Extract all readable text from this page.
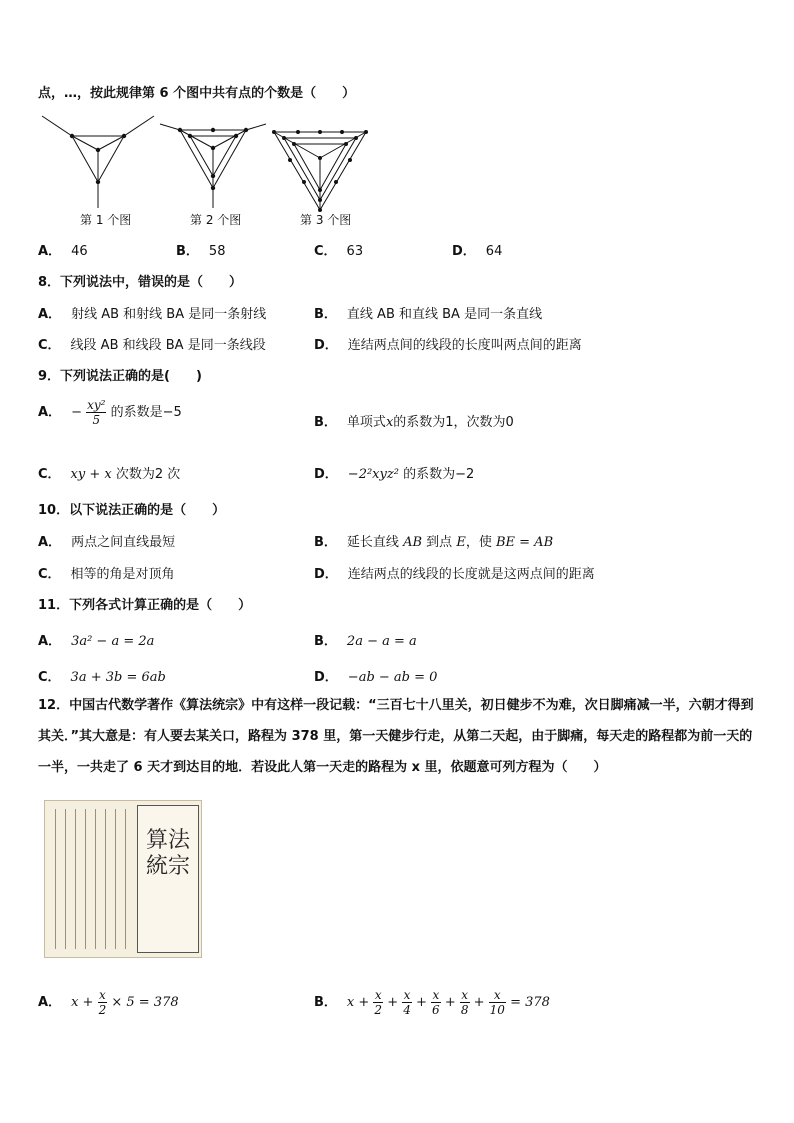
点，…，按此规律第 6 个图中共有点的个数是（　　）
第 1 个图	第 2 个图	第 3 个图
A． 46	B． 58	C． 63	D． 64
8．下列说法中，错误的是（　　）
A． 射线 AB 和射线 BA 是同一条射线	B． 直线 AB 和直线 BA 是同一条直线
C． 线段 AB 和线段 BA 是同一条线段	D． 连结两点间的线段的长度叫两点间的距离
9．下列说法正确的是(　　)
A． − $\frac{\text{xy²}}{5}$ 的系数是−5
B． 单项式x的系数为1，次数为0
C． xy + x 次数为2 次	D． −2²xyz² 的系数为−2
10．以下说法正确的是（　　）
A． 两点之间直线最短	B． 延长直线 AB 到点 E，使 BE = AB
C． 相等的角是对顶角	D． 连结两点的线段的长度就是这两点间的距离
11．下列各式计算正确的是（　　）
A． 3a² − a = 2a	B． 2a − a = a
C． 3a + 3b = 6ab	D． −ab − ab = 0
12．中国古代数学著作《算法统宗》中有这样一段记载：“三百七十八里关，初日健步不为难，次日脚痛减一半，六朝才得到其关．”其大意是：有人要去某关口，路程为 378 里，第一天健步行走，从第二天起，由于脚痛，每天走的路程都为前一天的一半，一共走了 6 天才到达目的地．若设此人第一天走的路程为 x 里，依题意可列方程为（　　）
算法統宗
A． $x + \frac{x}{2} \times 5 = 378$	B． $x + \frac{x}{2} + \frac{x}{4} + \frac{x}{6} + \frac{x}{8} + \frac{x}{10} = 378$
